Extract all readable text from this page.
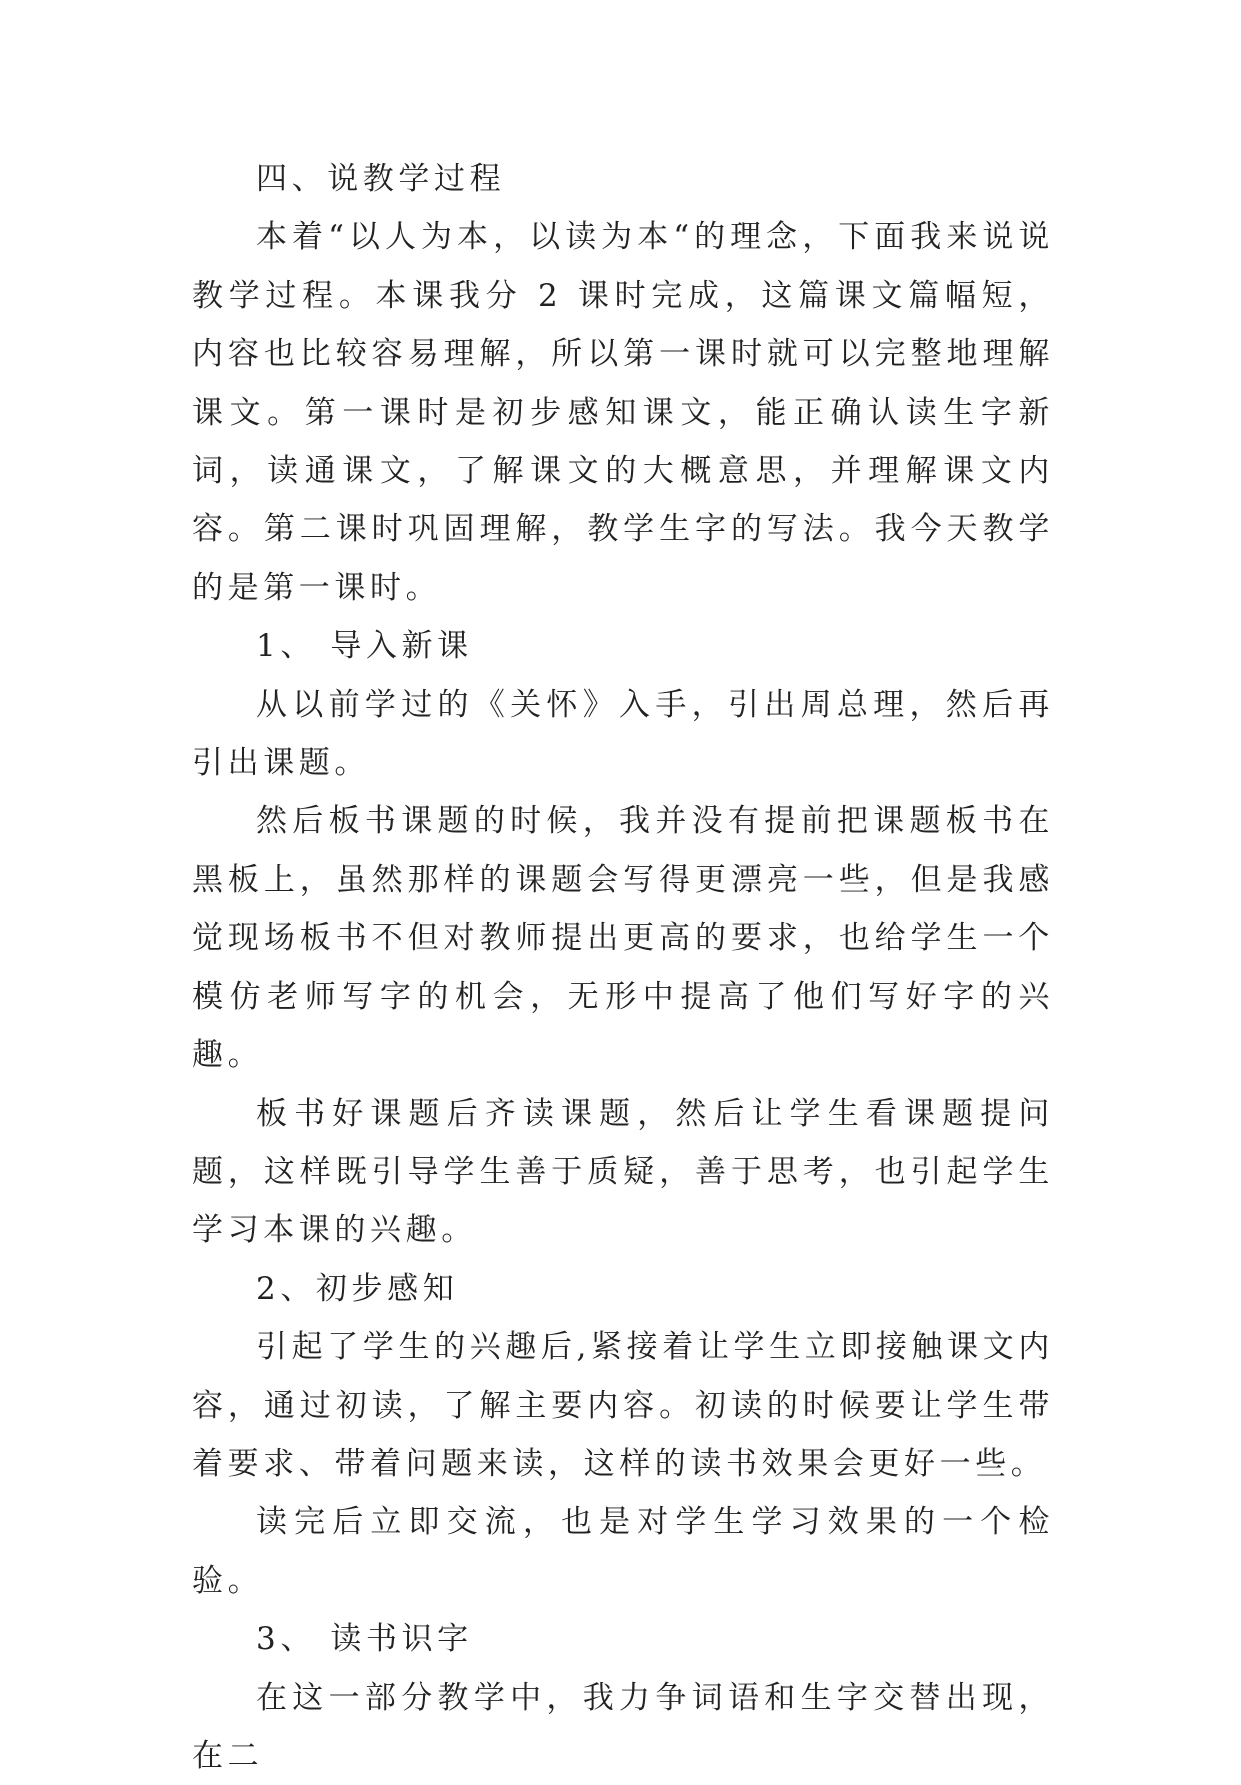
四、说教学过程

本着“以人为本，以读为本“的理念，下面我来说说教学过程。本课我分 2 课时完成，这篇课文篇幅短，内容也比较容易理解，所以第一课时就可以完整地理解课文。第一课时是初步感知课文，能正确认读生字新词，读通课文，了解课文的大概意思，并理解课文内容。第二课时巩固理解，教学生字的写法。我今天教学的是第一课时。

1、 导入新课

从以前学过的《关怀》入手，引出周总理，然后再引出课题。

然后板书课题的时候，我并没有提前把课题板书在黑板上，虽然那样的课题会写得更漂亮一些，但是我感觉现场板书不但对教师提出更高的要求，也给学生一个模仿老师写字的机会，无形中提高了他们写好字的兴趣。

板书好课题后齐读课题，然后让学生看课题提问题，这样既引导学生善于质疑，善于思考，也引起学生学习本课的兴趣。

2、初步感知

引起了学生的兴趣后,紧接着让学生立即接触课文内容，通过初读，了解主要内容。初读的时候要让学生带着要求、带着问题来读，这样的读书效果会更好一些。

读完后立即交流，也是对学生学习效果的一个检验。

3、 读书识字

在这一部分教学中，我力争词语和生字交替出现，在二
